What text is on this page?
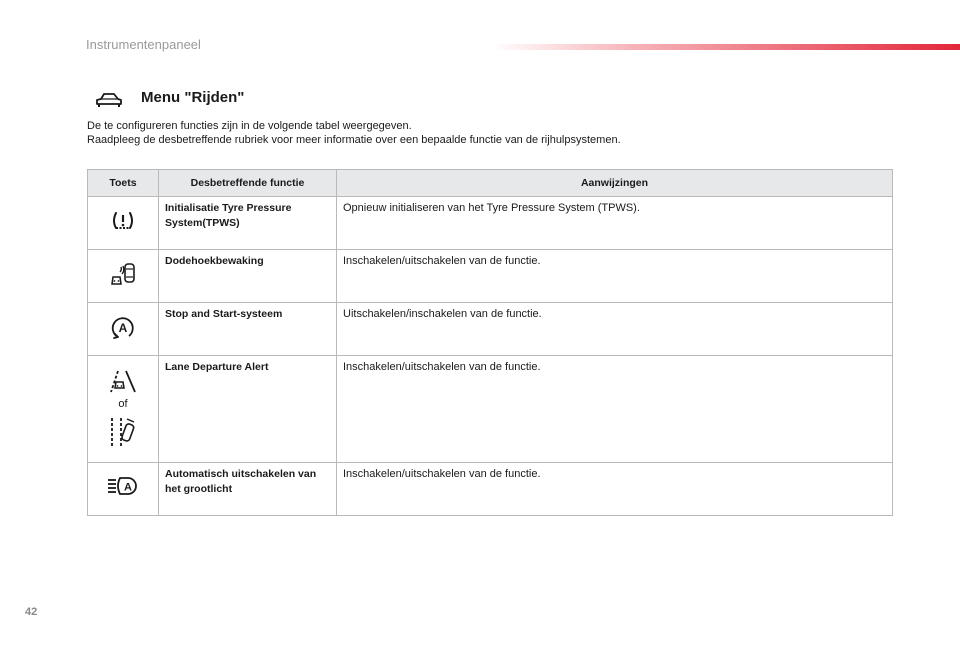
Instrumentenpaneel
Menu "Rijden"
De te configureren functies zijn in de volgende tabel weergegeven.
Raadpleeg de desbetreffende rubriek voor meer informatie over een bepaalde functie van de rijhulpsystemen.
Toets	Desbetreffende functie	Aanwijzingen

	Initialisatie Tyre Pressure System(TPWS)	Opnieuw initialiseren van het Tyre Pressure System (TPWS).

	Dodehoekbewaking	Inschakelen/uitschakelen van de functie.

A	Stop and Start-systeem	Uitschakelen/inschakelen van de functie.

of	Lane Departure Alert	Inschakelen/uitschakelen van de functie.

A	Automatisch uitschakelen van het grootlicht	Inschakelen/uitschakelen van de functie.
42
